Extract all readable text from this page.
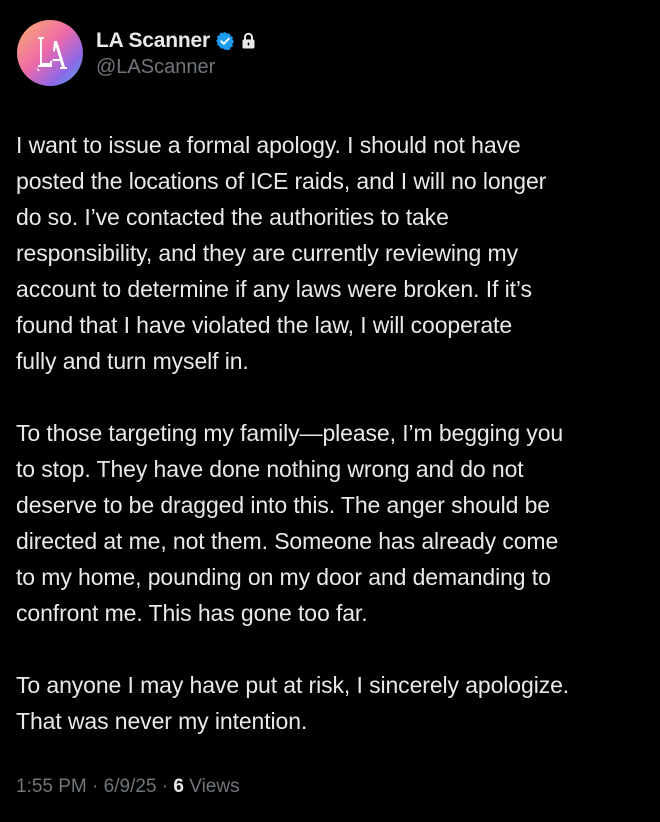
LA Scanner
@LAScanner

I want to issue a formal apology. I should not have
posted the locations of ICE raids, and I will no longer
do so. I’ve contacted the authorities to take
responsibility, and they are currently reviewing my
account to determine if any laws were broken. If it’s
found that I have violated the law, I will cooperate
fully and turn myself in.

To those targeting my family—please, I’m begging you
to stop. They have done nothing wrong and do not
deserve to be dragged into this. The anger should be
directed at me, not them. Someone has already come
to my home, pounding on my door and demanding to
confront me. This has gone too far.

To anyone I may have put at risk, I sincerely apologize.
That was never my intention.

1:55 PM · 6/9/25 · 6 Views
